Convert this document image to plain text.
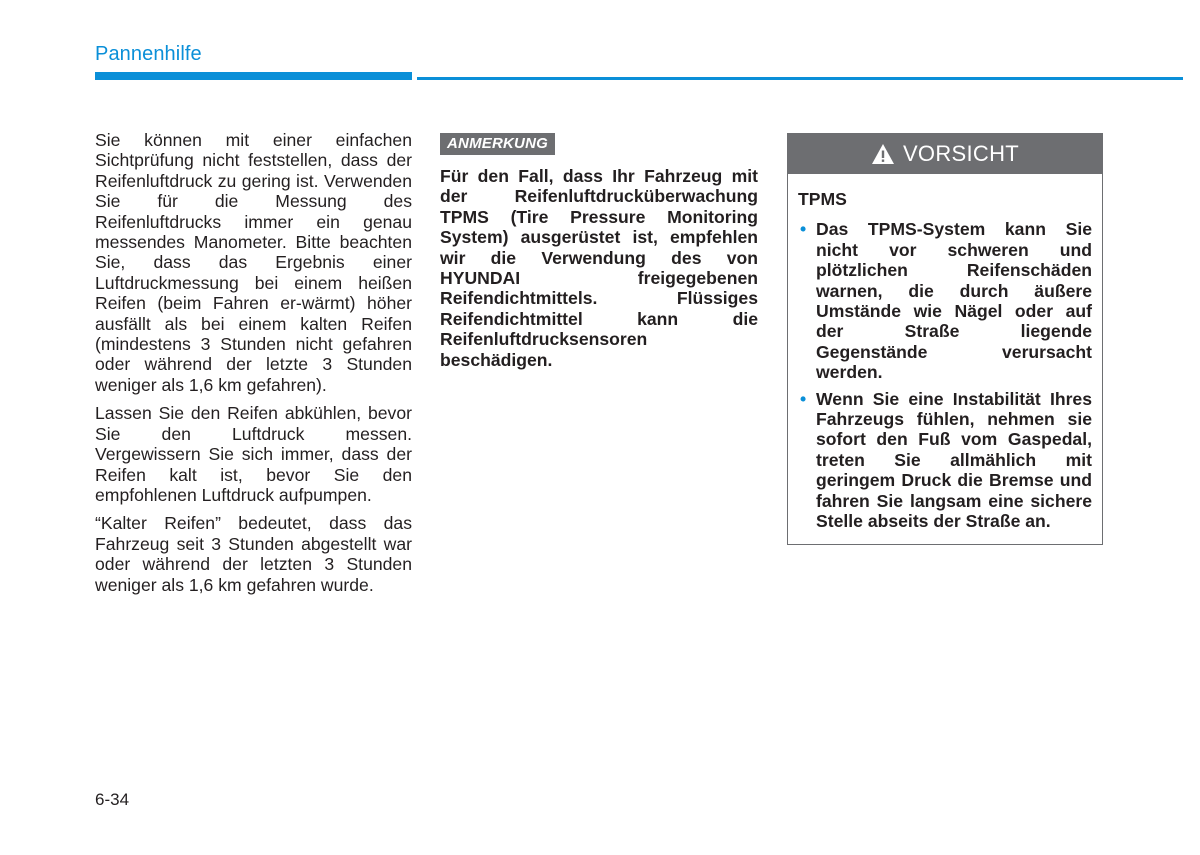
Pannenhilfe

Sie können mit einer einfachen Sichtprüfung nicht feststellen, dass der Reifenluftdruck zu gering ist. Verwenden Sie für die Messung des Reifenluftdrucks immer ein genau messendes Manometer. Bitte beachten Sie, dass das Ergebnis einer Luftdruckmessung bei einem heißen Reifen (beim Fahren er-wärmt) höher ausfällt als bei einem kalten Reifen (mindestens 3 Stunden nicht gefahren oder während der letzte 3 Stunden weniger als 1,6 km gefahren).

Lassen Sie den Reifen abkühlen, bevor Sie den Luftdruck messen. Vergewissern Sie sich immer, dass der Reifen kalt ist, bevor Sie den empfohlenen Luftdruck aufpumpen.

“Kalter Reifen” bedeutet, dass das Fahrzeug seit 3 Stunden abgestellt war oder während der letzten 3 Stunden weniger als 1,6 km gefahren wurde.

ANMERKUNG

Für den Fall, dass Ihr Fahrzeug mit der Reifenluftdrucküberwachung TPMS (Tire Pressure Monitoring System) ausgerüstet ist, empfehlen wir die Verwendung des von HYUNDAI freigegebenen Reifendichtmittels. Flüssiges Reifendichtmittel kann die Reifenluftdrucksensoren beschädigen.

VORSICHT
TPMS
• Das TPMS-System kann Sie nicht vor schweren und plötzlichen Reifenschäden warnen, die durch äußere Umstände wie Nägel oder auf der Straße liegende Gegenstände verursacht werden.
• Wenn Sie eine Instabilität Ihres Fahrzeugs fühlen, nehmen sie sofort den Fuß vom Gaspedal, treten Sie allmählich mit geringem Druck die Bremse und fahren Sie langsam eine sichere Stelle abseits der Straße an.
6-34
